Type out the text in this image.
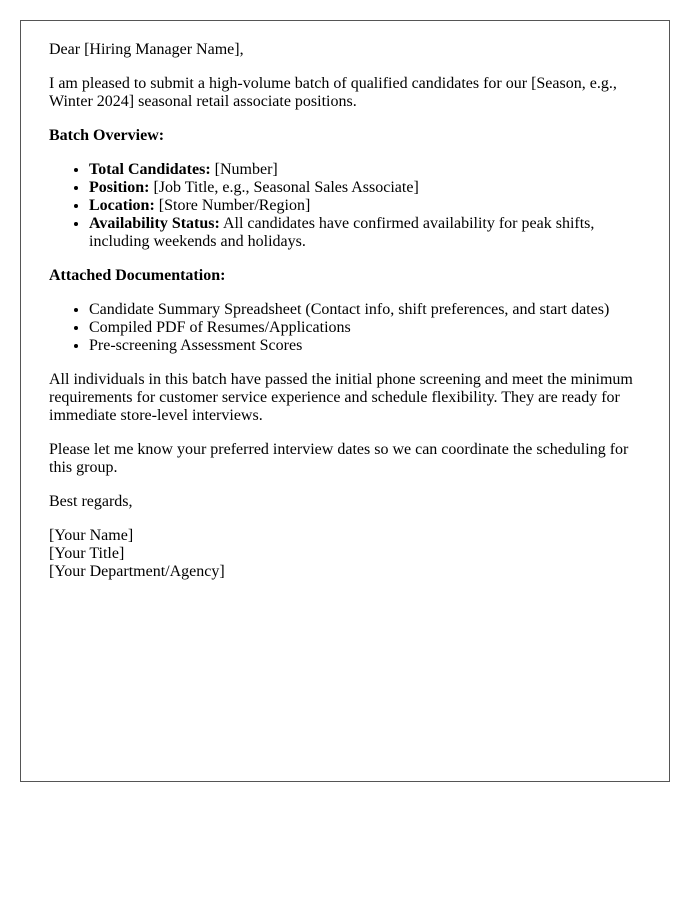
Dear [Hiring Manager Name],

I am pleased to submit a high-volume batch of qualified candidates for our [Season, e.g., Winter 2024] seasonal retail associate positions.

Batch Overview:
• Total Candidates: [Number]
• Position: [Job Title, e.g., Seasonal Sales Associate]
• Location: [Store Number/Region]
• Availability Status: All candidates have confirmed availability for peak shifts, including weekends and holidays.
Attached Documentation:
• Candidate Summary Spreadsheet (Contact info, shift preferences, and start dates)
• Compiled PDF of Resumes/Applications
• Pre-screening Assessment Scores

All individuals in this batch have passed the initial phone screening and meet the minimum requirements for customer service experience and schedule flexibility. They are ready for immediate store-level interviews.

Please let me know your preferred interview dates so we can coordinate the scheduling for this group.

Best regards,

[Your Name]
[Your Title]
[Your Department/Agency]
